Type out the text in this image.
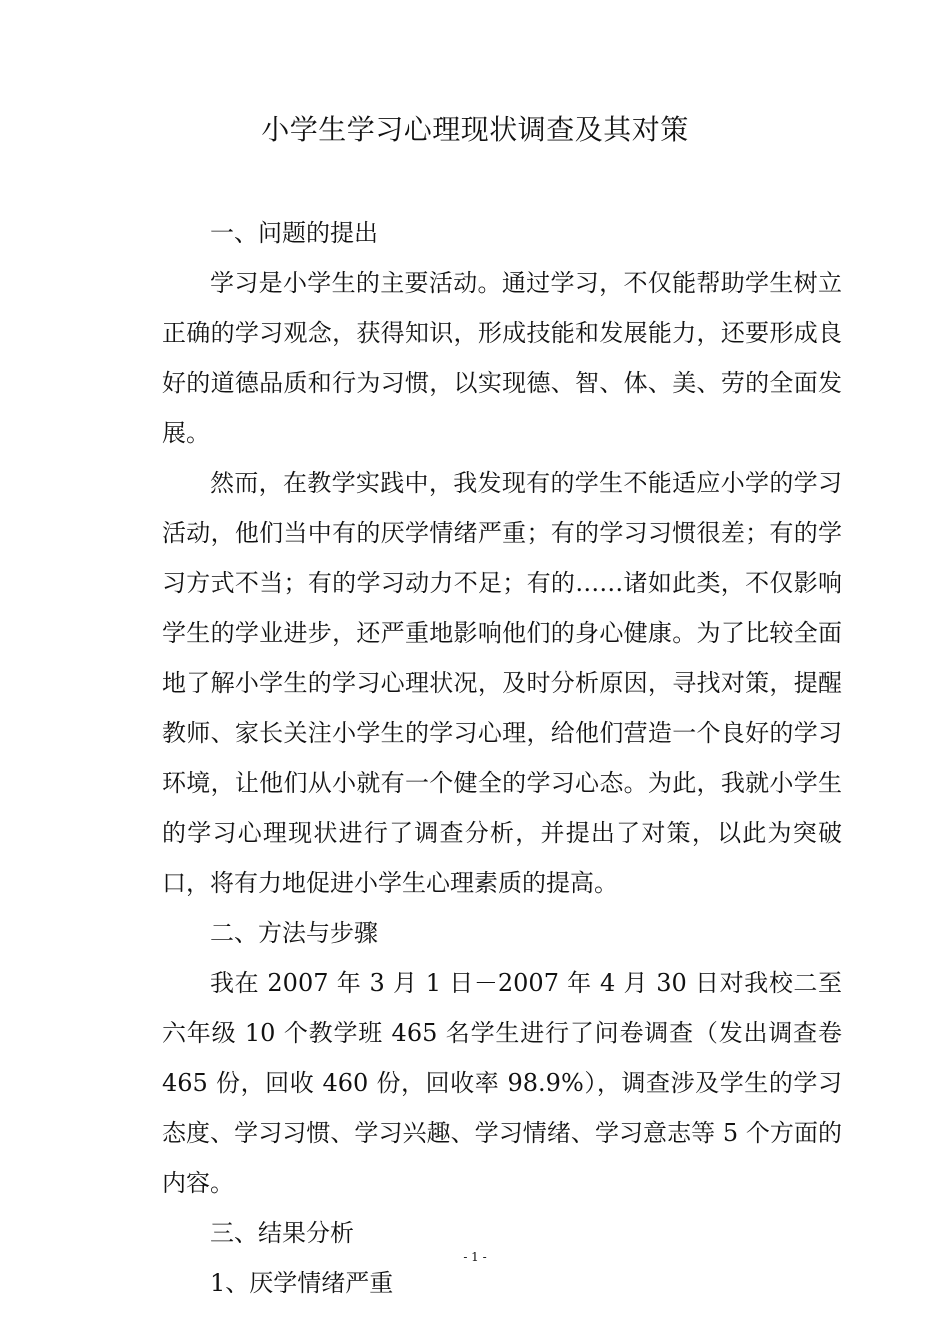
小学生学习心理现状调查及其对策

一、问题的提出

学习是小学生的主要活动。通过学习，不仅能帮助学生树立正确的学习观念，获得知识，形成技能和发展能力，还要形成良好的道德品质和行为习惯，以实现德、智、体、美、劳的全面发展。

然而，在教学实践中，我发现有的学生不能适应小学的学习活动，他们当中有的厌学情绪严重；有的学习习惯很差；有的学习方式不当；有的学习动力不足；有的……诸如此类，不仅影响学生的学业进步，还严重地影响他们的身心健康。为了比较全面地了解小学生的学习心理状况，及时分析原因，寻找对策，提醒教师、家长关注小学生的学习心理，给他们营造一个良好的学习环境，让他们从小就有一个健全的学习心态。为此，我就小学生的学习心理现状进行了调查分析，并提出了对策，以此为突破口，将有力地促进小学生心理素质的提高。

二、方法与步骤

我在 2007 年 3 月 1 日－2007 年 4 月 30 日对我校二至六年级 10 个教学班 465 名学生进行了问卷调查（发出调查卷 465 份，回收 460 份，回收率 98.9%），调查涉及学生的学习态度、学习习惯、学习兴趣、学习情绪、学习意志等 5 个方面的内容。

三、结果分析

1、厌学情绪严重

- 1 -
